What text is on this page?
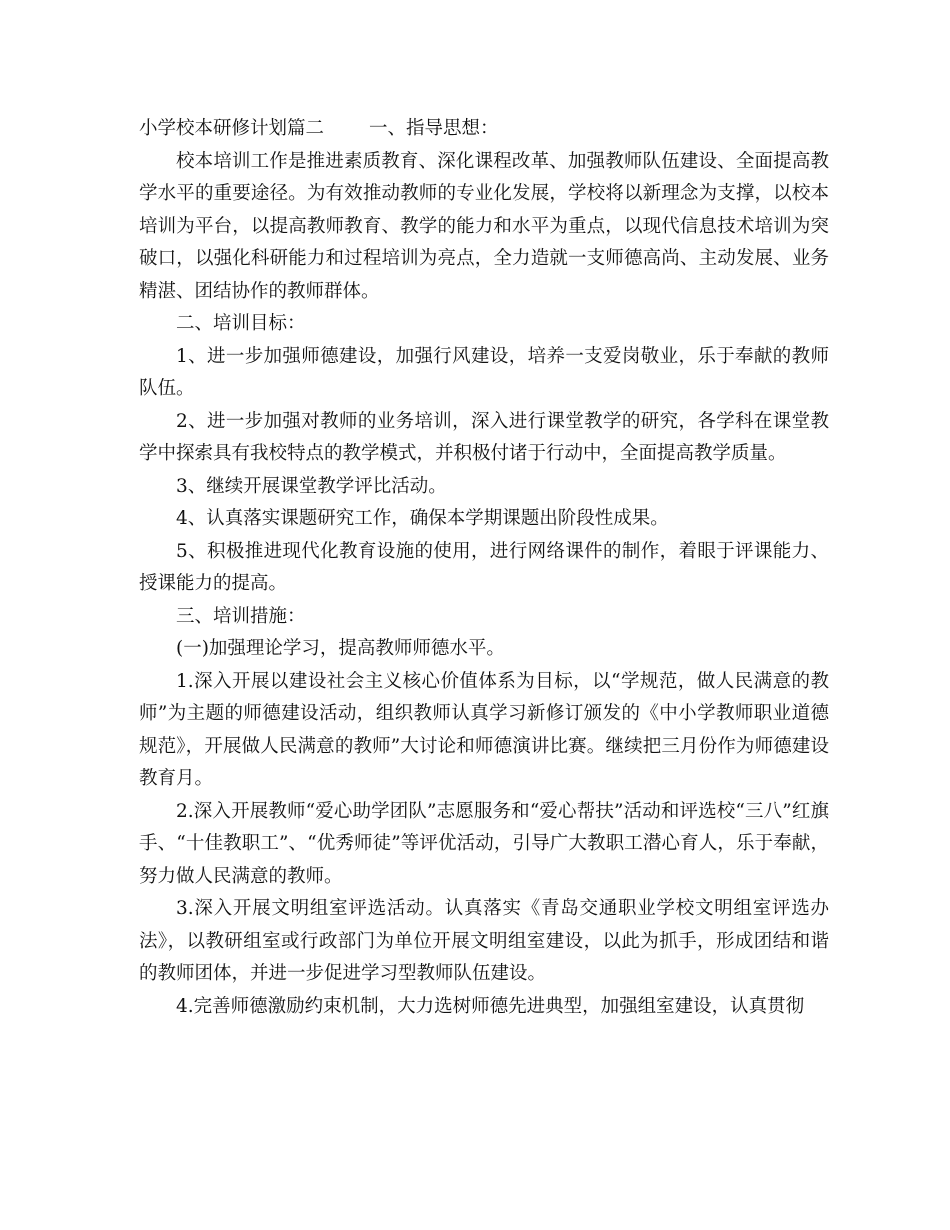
小学校本研修计划篇二 一、指导思想：

校本培训工作是推进素质教育、深化课程改革、加强教师队伍建设、全面提高教学水平的重要途径。为有效推动教师的专业化发展，学校将以新理念为支撑，以校本培训为平台，以提高教师教育、教学的能力和水平为重点，以现代信息技术培训为突破口，以强化科研能力和过程培训为亮点，全力造就一支师德高尚、主动发展、业务精湛、团结协作的教师群体。

二、培训目标：

1、进一步加强师德建设，加强行风建设，培养一支爱岗敬业，乐于奉献的教师队伍。

2、进一步加强对教师的业务培训，深入进行课堂教学的研究，各学科在课堂教学中探索具有我校特点的教学模式，并积极付诸于行动中，全面提高教学质量。

3、继续开展课堂教学评比活动。

4、认真落实课题研究工作，确保本学期课题出阶段性成果。

5、积极推进现代化教育设施的使用，进行网络课件的制作，着眼于评课能力、授课能力的提高。

三、培训措施：

(一)加强理论学习，提高教师师德水平。

1.深入开展以建设社会主义核心价值体系为目标，以“学规范，做人民满意的教师”为主题的师德建设活动，组织教师认真学习新修订颁发的《中小学教师职业道德规范》，开展做人民满意的教师”大讨论和师德演讲比赛。继续把三月份作为师德建设教育月。

2.深入开展教师“爱心助学团队”志愿服务和“爱心帮扶”活动和评选校“三八”红旗手、“十佳教职工”、“优秀师徒”等评优活动，引导广大教职工潜心育人，乐于奉献，努力做人民满意的教师。

3.深入开展文明组室评选活动。认真落实《青岛交通职业学校文明组室评选办法》，以教研组室或行政部门为单位开展文明组室建设，以此为抓手，形成团结和谐的教师团体，并进一步促进学习型教师队伍建设。

4.完善师德激励约束机制，大力选树师德先进典型，加强组室建设，认真贯彻
